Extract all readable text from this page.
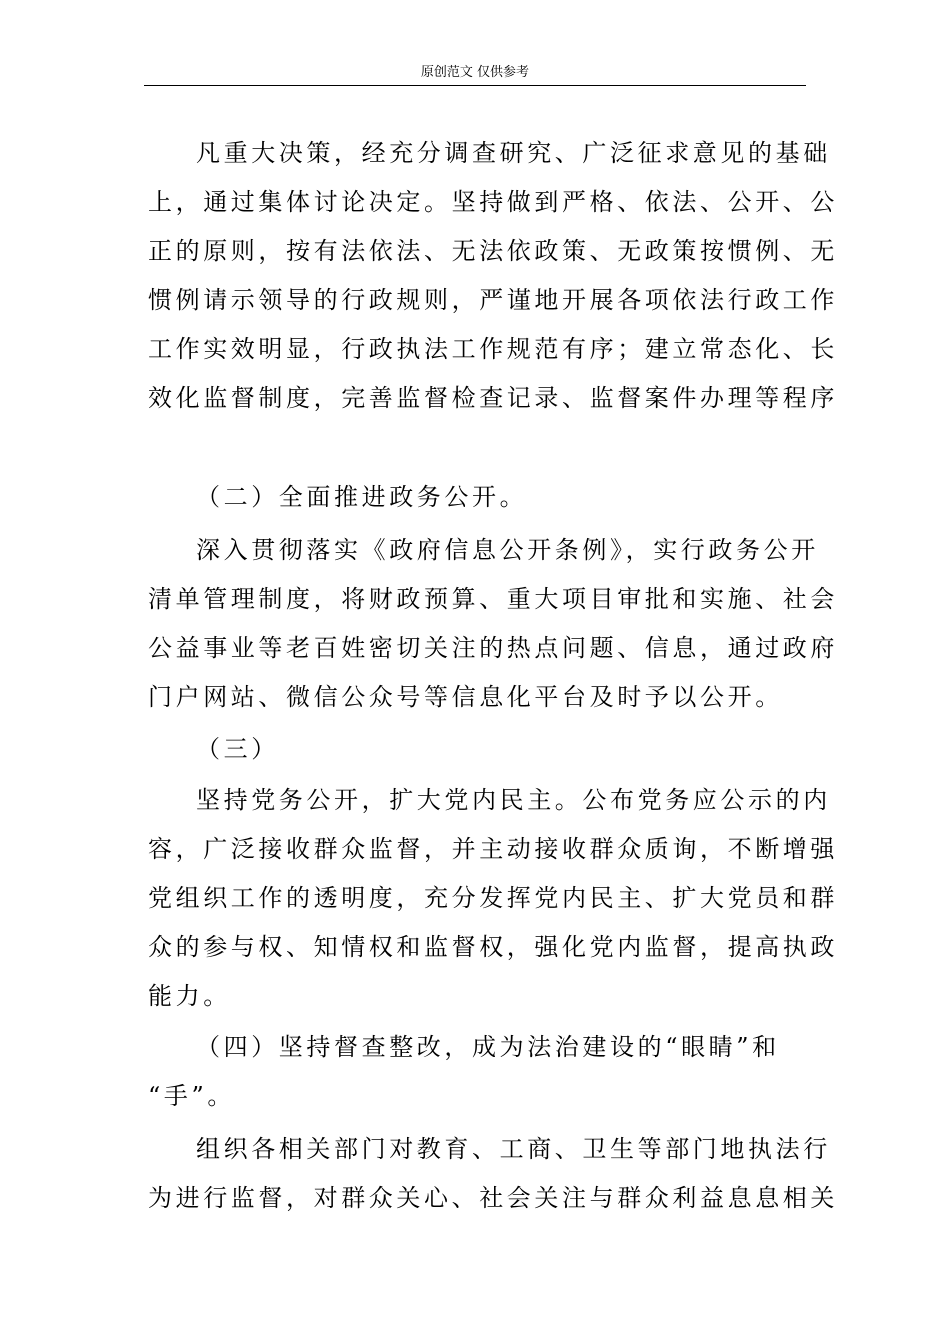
原创范文 仅供参考
凡重大决策，经充分调查研究、广泛征求意见的基础
上，通过集体讨论决定。坚持做到严格、依法、公开、公
正的原则，按有法依法、无法依政策、无政策按惯例、无
惯例请示领导的行政规则，严谨地开展各项依法行政工作
工作实效明显，行政执法工作规范有序；建立常态化、长
效化监督制度，完善监督检查记录、监督案件办理等程序
（二）全面推进政务公开。
深入贯彻落实《政府信息公开条例》，实行政务公开
清单管理制度，将财政预算、重大项目审批和实施、社会
公益事业等老百姓密切关注的热点问题、信息，通过政府
门户网站、微信公众号等信息化平台及时予以公开。
（三）
坚持党务公开，扩大党内民主。公布党务应公示的内
容，广泛接收群众监督，并主动接收群众质询，不断增强
党组织工作的透明度，充分发挥党内民主、扩大党员和群
众的参与权、知情权和监督权，强化党内监督，提高执政
能力。
（四）坚持督查整改，成为法治建设的“眼睛”和
“手”。
组织各相关部门对教育、工商、卫生等部门地执法行
为进行监督，对群众关心、社会关注与群众利益息息相关
